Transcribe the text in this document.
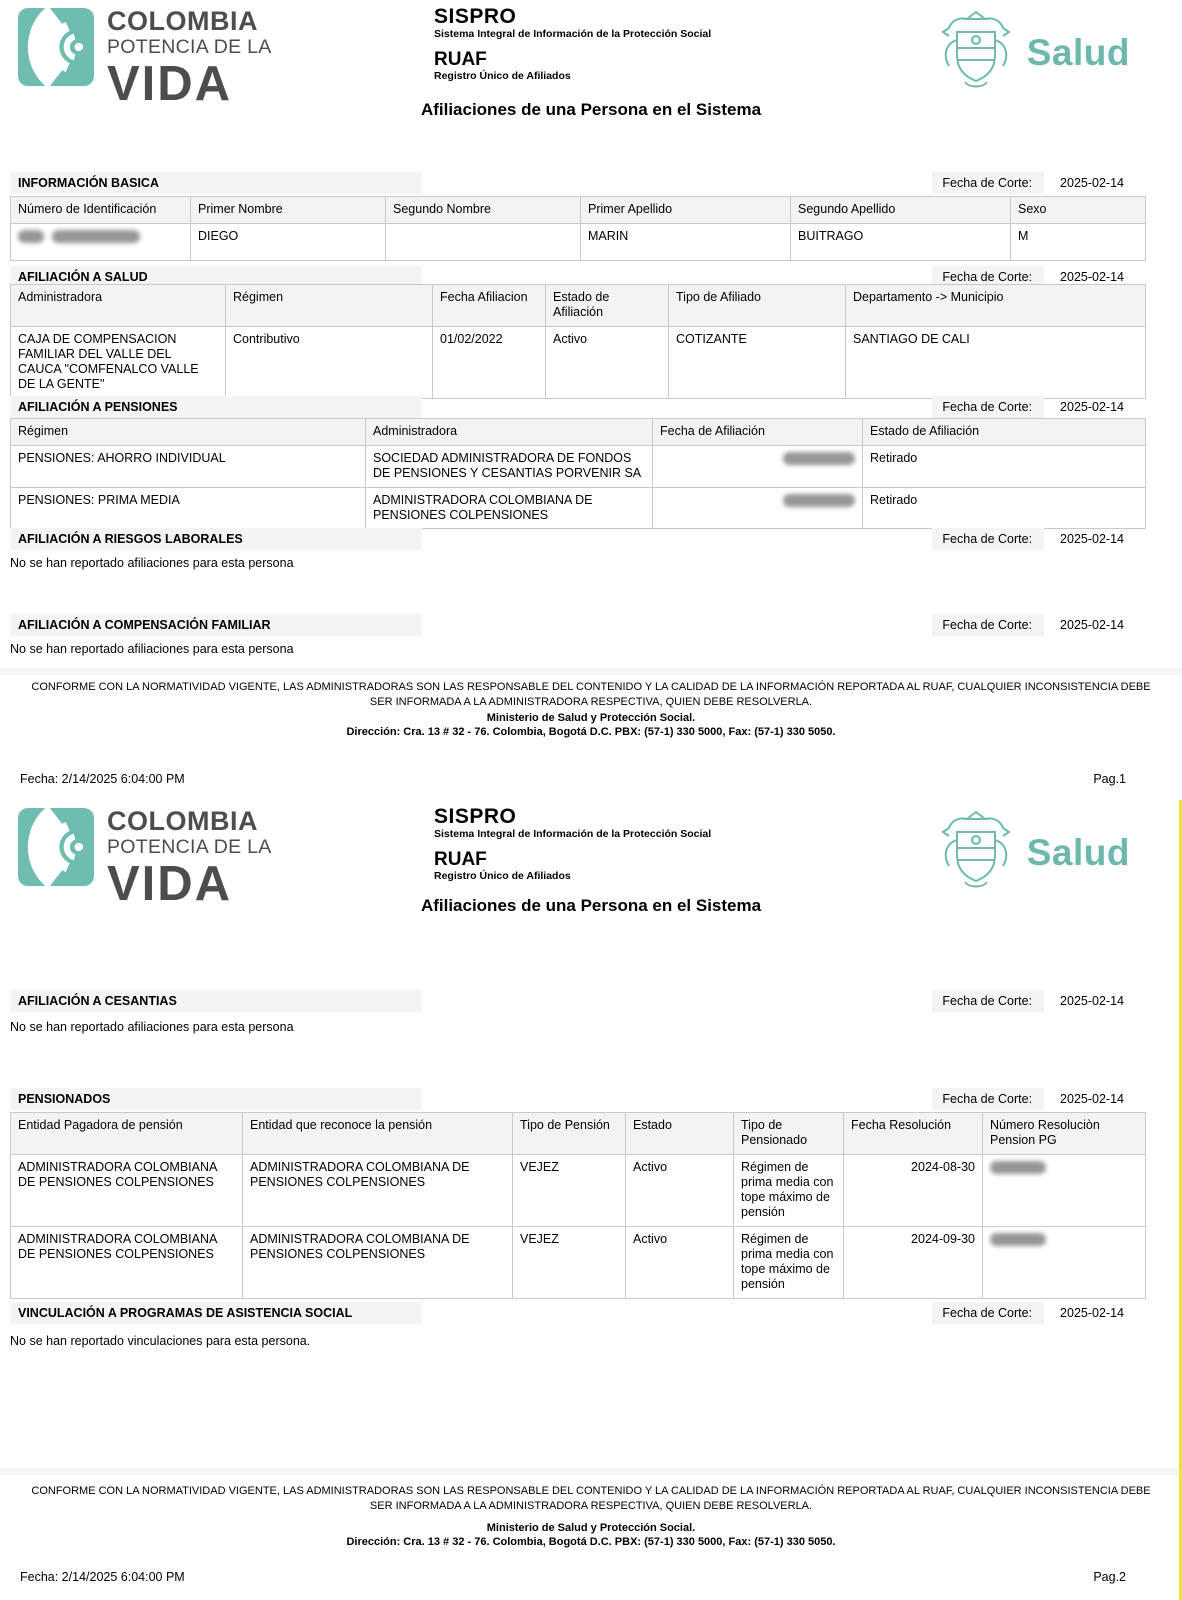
COLOMBIA
POTENCIA DE LA
VIDA
SISPRO
Sistema Integral de Información de la Protección Social
RUAF
Registro Único de Afiliados
Salud
Afiliaciones de una Persona en el Sistema
INFORMACIÓN BASICA	Fecha de Corte:	2025-02-14
Número de Identificación	Primer Nombre	Segundo Nombre	Primer Apellido	Segundo Apellido	Sexo
	DIEGO		MARIN	BUITRAGO	M
AFILIACIÓN A SALUD	Fecha de Corte:	2025-02-14
Administradora	Régimen	Fecha Afiliacion	Estado de Afiliación	Tipo de Afiliado	Departamento -> Municipio
CAJA DE COMPENSACION FAMILIAR DEL VALLE DEL CAUCA "COMFENALCO VALLE DE LA GENTE"	Contributivo	01/02/2022	Activo	COTIZANTE	SANTIAGO DE CALI
AFILIACIÓN A PENSIONES	Fecha de Corte:	2025-02-14
Régimen	Administradora	Fecha de Afiliación	Estado de Afiliación
PENSIONES: AHORRO INDIVIDUAL	SOCIEDAD ADMINISTRADORA DE FONDOS DE PENSIONES Y CESANTIAS PORVENIR SA		Retirado
PENSIONES: PRIMA MEDIA	ADMINISTRADORA COLOMBIANA DE PENSIONES COLPENSIONES		Retirado
AFILIACIÓN A RIESGOS LABORALES	Fecha de Corte:	2025-02-14
No se han reportado afiliaciones para esta persona
AFILIACIÓN A COMPENSACIÓN FAMILIAR	Fecha de Corte:	2025-02-14
No se han reportado afiliaciones para esta persona
CONFORME CON LA NORMATIVIDAD VIGENTE, LAS ADMINISTRADORAS SON LAS RESPONSABLE DEL CONTENIDO Y LA CALIDAD DE LA INFORMACIÓN REPORTADA AL RUAF, CUALQUIER INCONSISTENCIA DEBE SER INFORMADA A LA ADMINISTRADORA RESPECTIVA, QUIEN DEBE RESOLVERLA.
Ministerio de Salud y Protección Social.
Dirección: Cra. 13 # 32 - 76. Colombia, Bogotá D.C. PBX: (57-1) 330 5000, Fax: (57-1) 330 5050.
Fecha: 2/14/2025 6:04:00 PM	Pag.1
COLOMBIA
POTENCIA DE LA
VIDA
SISPRO
Sistema Integral de Información de la Protección Social
RUAF
Registro Único de Afiliados
Salud
Afiliaciones de una Persona en el Sistema
AFILIACIÓN A CESANTIAS	Fecha de Corte:	2025-02-14
No se han reportado afiliaciones para esta persona
PENSIONADOS	Fecha de Corte:	2025-02-14
Entidad Pagadora de pensión	Entidad que reconoce la pensión	Tipo de Pensión	Estado	Tipo de Pensionado	Fecha Resolución	Número Resoluciòn Pension PG
ADMINISTRADORA COLOMBIANA DE PENSIONES COLPENSIONES	ADMINISTRADORA COLOMBIANA DE PENSIONES COLPENSIONES	VEJEZ	Activo	Régimen de prima media con tope máximo de pensión	2024-08-30	
ADMINISTRADORA COLOMBIANA DE PENSIONES COLPENSIONES	ADMINISTRADORA COLOMBIANA DE PENSIONES COLPENSIONES	VEJEZ	Activo	Régimen de prima media con tope máximo de pensión	2024-09-30	
VINCULACIÓN A PROGRAMAS DE ASISTENCIA SOCIAL	Fecha de Corte:	2025-02-14
No se han reportado vinculaciones para esta persona.
CONFORME CON LA NORMATIVIDAD VIGENTE, LAS ADMINISTRADORAS SON LAS RESPONSABLE DEL CONTENIDO Y LA CALIDAD DE LA INFORMACIÓN REPORTADA AL RUAF, CUALQUIER INCONSISTENCIA DEBE SER INFORMADA A LA ADMINISTRADORA RESPECTIVA, QUIEN DEBE RESOLVERLA.
Ministerio de Salud y Protección Social.
Dirección: Cra. 13 # 32 - 76. Colombia, Bogotá D.C. PBX: (57-1) 330 5000, Fax: (57-1) 330 5050.
Fecha: 2/14/2025 6:04:00 PM	Pag.2
